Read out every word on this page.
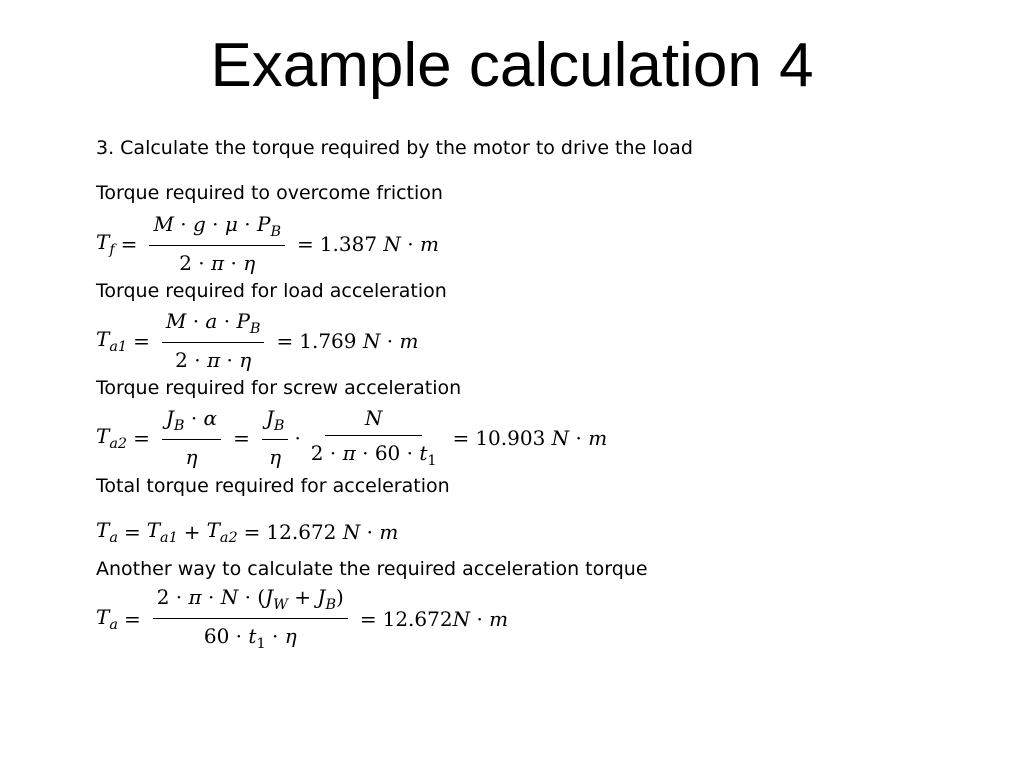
Example calculation 4
3. Calculate the torque required by the motor to drive the load
Torque required to overcome friction
$T_f = \frac{M \cdot g \cdot \mu \cdot P_B}{2 \cdot \pi \cdot \eta} = 1.387$ N · m
Torque required for load acceleration
$T_{a1} = \frac{M \cdot a \cdot P_B}{2 \cdot \pi \cdot \eta} = 1.769$ N · m
Torque required for screw acceleration
$T_{a2} = \frac{J_B \cdot \alpha}{\eta} = \frac{J_B}{\eta} \cdot \frac{N}{2 \cdot \pi \cdot 60 \cdot t_1} = 10.903$ N · m
Total torque required for acceleration
$T_a = T_{a1} + T_{a2} = 12.672$ N · m
Another way to calculate the required acceleration torque
$T_a = \frac{2 \cdot \pi \cdot N \cdot (J_W + J_B)}{60 \cdot t_1 \cdot \eta} = 12.672$ N · m
